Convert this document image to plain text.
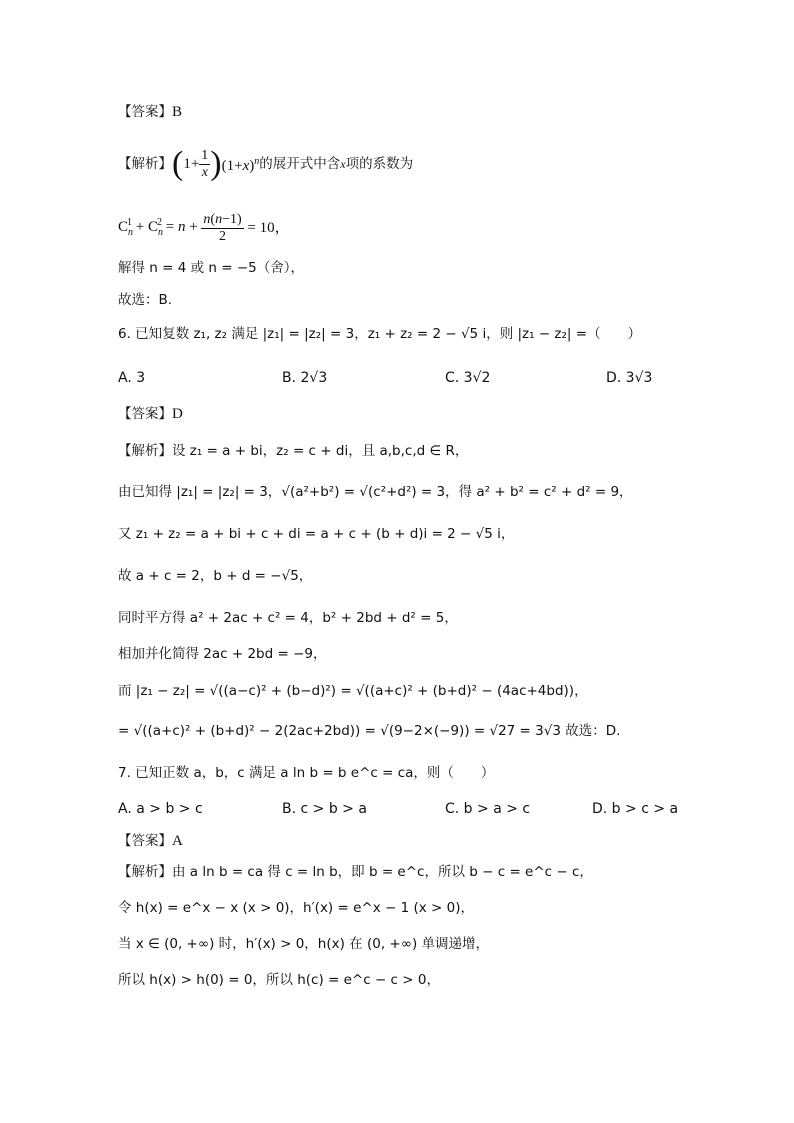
【答案】B
【解析】$(1+ \frac{1}{x} )(1+x)^n$的展开式中含x项的系数为
$C_n^1 + C_n^2 = n + \frac{n(n-1)}{2} = 10$，
解得 n = 4 或 n = −5（舍），
故选：B.
6. 已知复数 z₁, z₂ 满足 |z₁| = |z₂| = 3，z₁ + z₂ = 2 − √5 i，则 |z₁ − z₂| =（　　）
A. 3	B. 2√3	C. 3√2	D. 3√3
【答案】D
【解析】设 z₁ = a + bi，z₂ = c + di，且 a,b,c,d ∈ R，
由已知得 |z₁| = |z₂| = 3，√(a²+b²) = √(c²+d²) = 3，得 a² + b² = c² + d² = 9，
又 z₁ + z₂ = a + bi + c + di = a + c + (b + d)i = 2 − √5 i，
故 a + c = 2，b + d = −√5，
同时平方得 a² + 2ac + c² = 4，b² + 2bd + d² = 5，
相加并化简得 2ac + 2bd = −9，
而 |z₁ − z₂| = √((a−c)² + (b−d)²) = √((a+c)² + (b+d)² − (4ac+4bd))，
= √((a+c)² + (b+d)² − 2(2ac+2bd)) = √(9−2×(−9)) = √27 = 3√3 故选：D.
7. 已知正数 a，b，c 满足 a ln b = b e^c = ca，则（　　）
A. a > b > c	B. c > b > a	C. b > a > c	D. b > c > a
【答案】A
【解析】由 a ln b = ca 得 c = ln b，即 b = e^c，所以 b − c = e^c − c，
令 h(x) = e^x − x (x > 0)，h′(x) = e^x − 1 (x > 0)，
当 x ∈ (0, +∞) 时，h′(x) > 0，h(x) 在 (0, +∞) 单调递增，
所以 h(x) > h(0) = 0，所以 h(c) = e^c − c > 0，
